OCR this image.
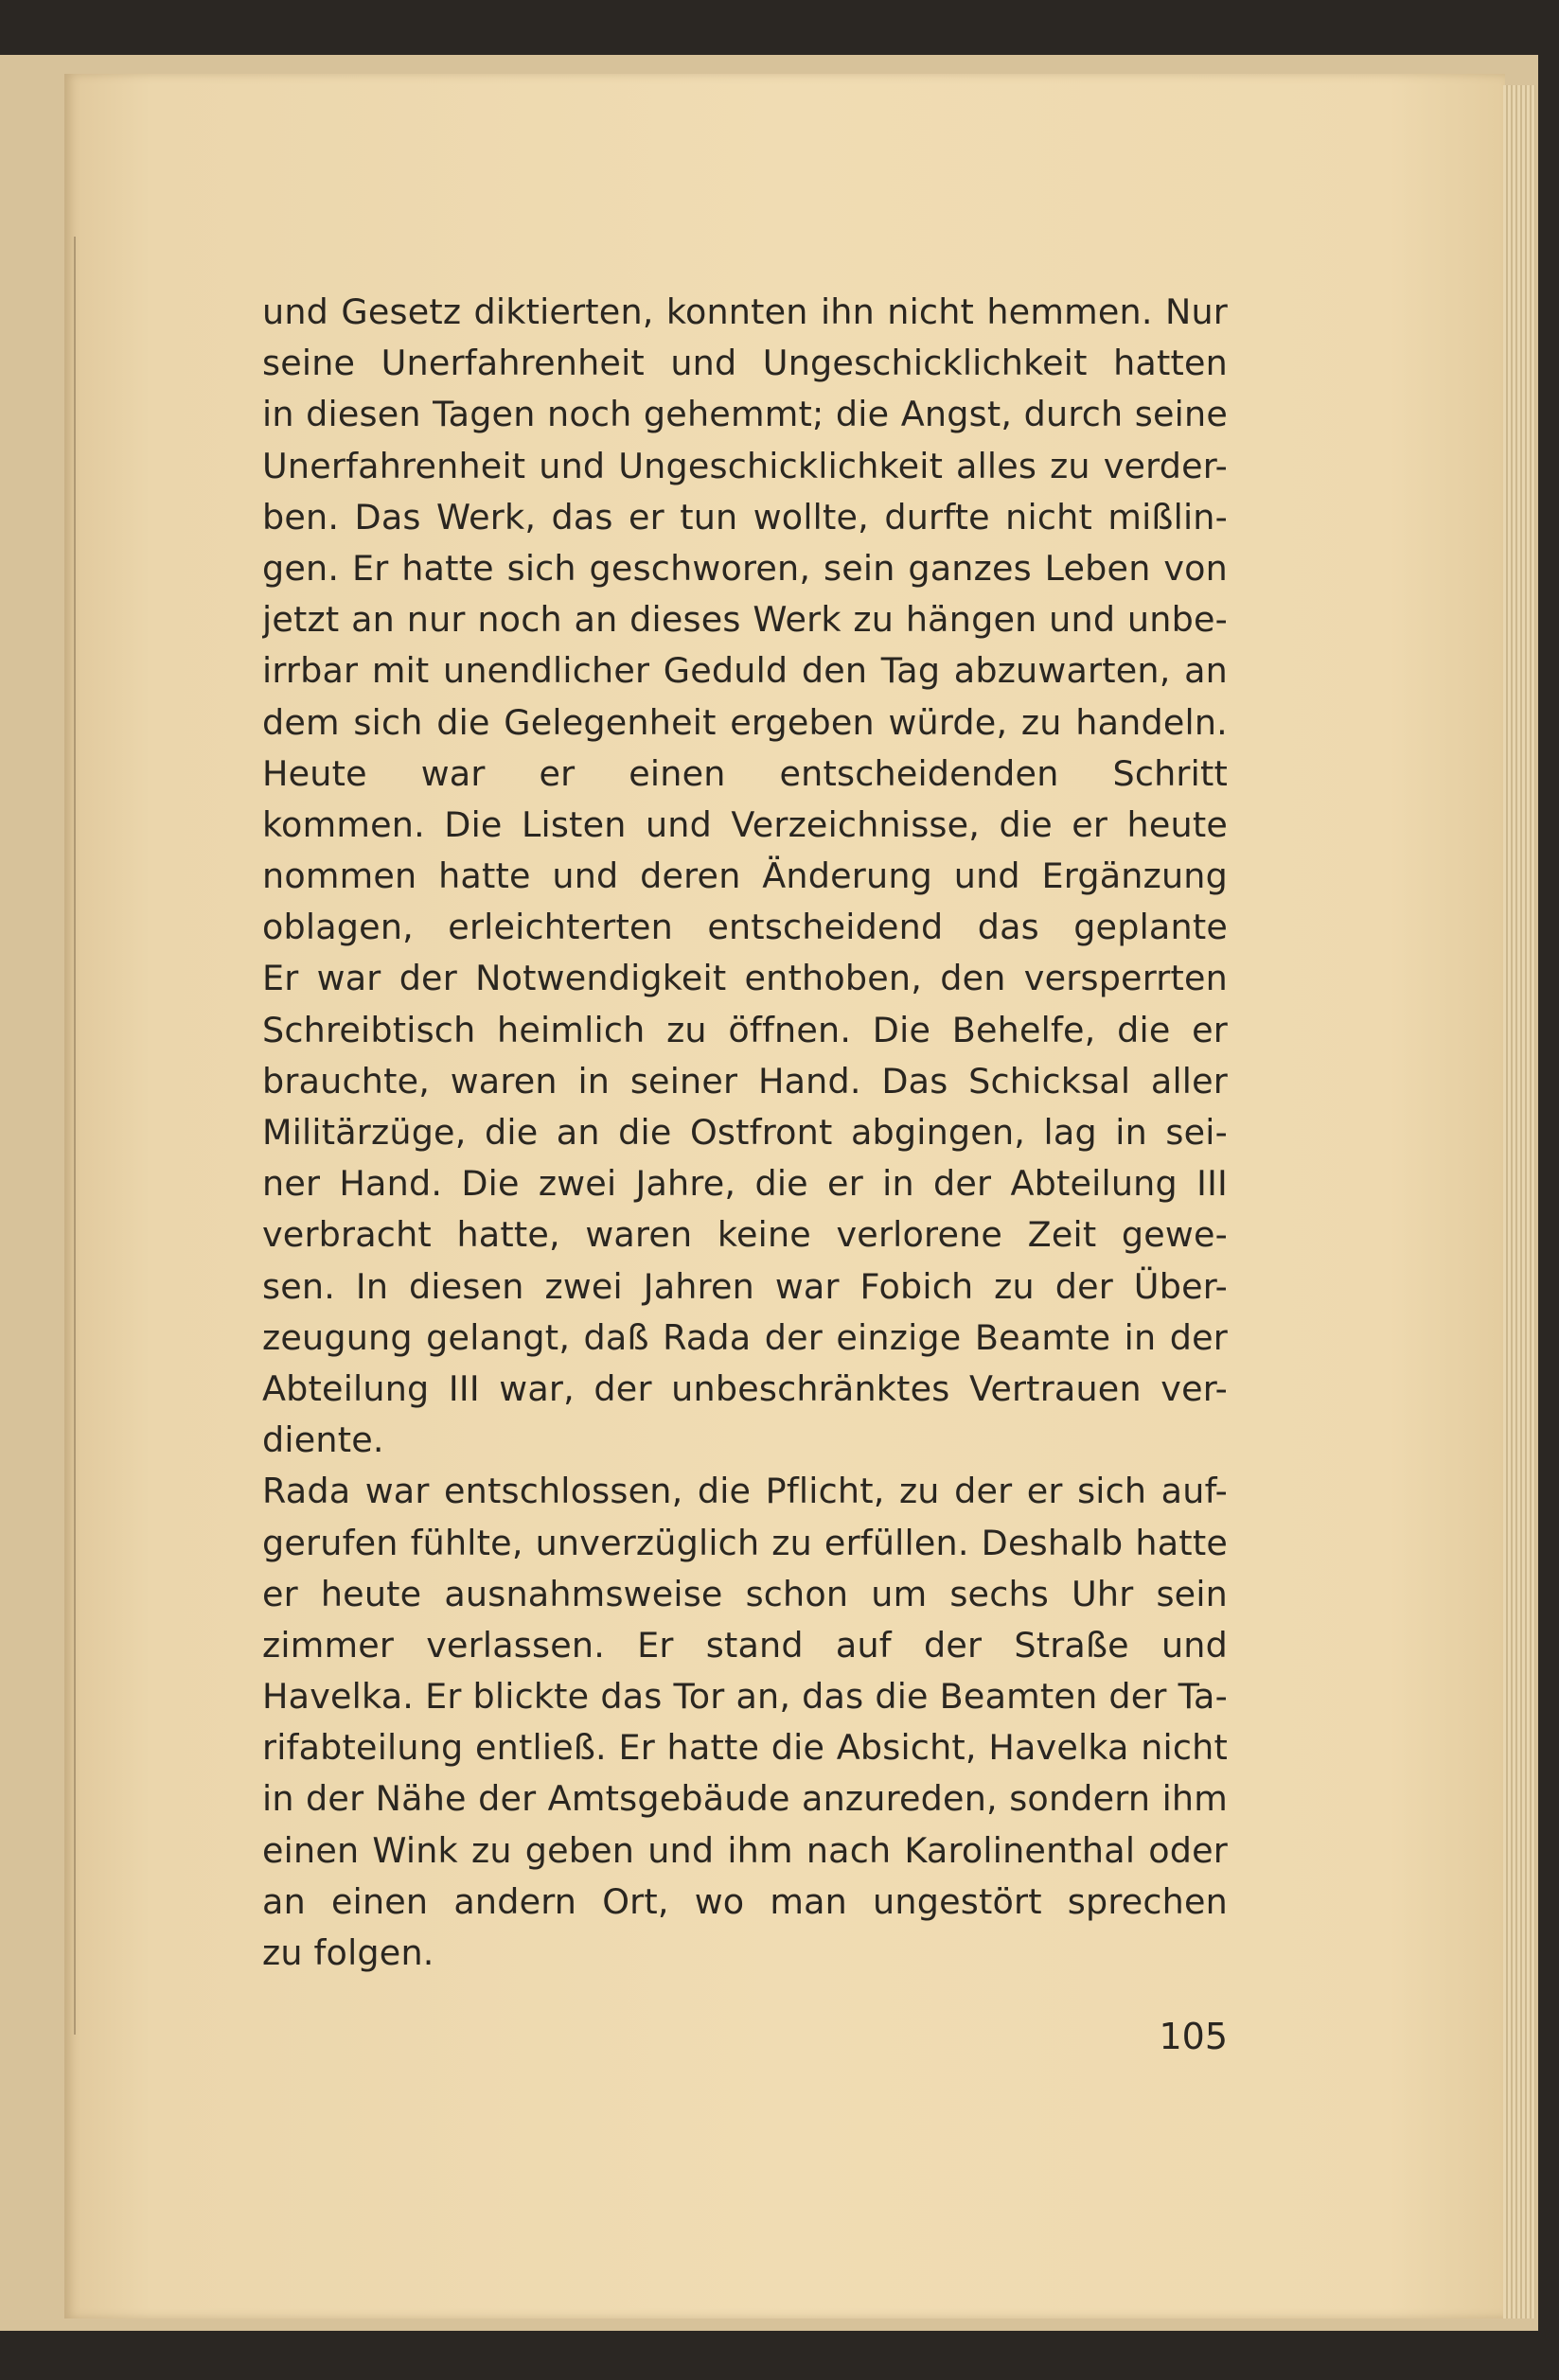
und Gesetz diktierten, konnten ihn nicht hemmen. Nur
seine Unerfahrenheit und Ungeschicklichkeit hatten
in diesen Tagen noch gehemmt; die Angst, durch seine
Unerfahrenheit und Ungeschicklichkeit alles zu verder-
ben. Das Werk, das er tun wollte, durfte nicht mißlin-
gen. Er hatte sich geschworen, sein ganzes Leben von
jetzt an nur noch an dieses Werk zu hängen und unbe-
irrbar mit unendlicher Geduld den Tag abzuwarten, an
dem sich die Gelegenheit ergeben würde, zu handeln.
Heute war er einen entscheidenden Schritt
kommen. Die Listen und Verzeichnisse, die er heute
nommen hatte und deren Änderung und Ergänzung
oblagen, erleichterten entscheidend das geplante
Er war der Notwendigkeit enthoben, den versperrten
Schreibtisch heimlich zu öffnen. Die Behelfe, die er
brauchte, waren in seiner Hand. Das Schicksal aller
Militärzüge, die an die Ostfront abgingen, lag in sei-
ner Hand. Die zwei Jahre, die er in der Abteilung III
verbracht hatte, waren keine verlorene Zeit gewe-
sen. In diesen zwei Jahren war Fobich zu der Über-
zeugung gelangt, daß Rada der einzige Beamte in der
Abteilung III war, der unbeschränktes Vertrauen ver-
diente.
Rada war entschlossen, die Pflicht, zu der er sich auf-
gerufen fühlte, unverzüglich zu erfüllen. Deshalb hatte
er heute ausnahmsweise schon um sechs Uhr sein
zimmer verlassen. Er stand auf der Straße und
Havelka. Er blickte das Tor an, das die Beamten der Ta-
rifabteilung entließ. Er hatte die Absicht, Havelka nicht
in der Nähe der Amtsgebäude anzureden, sondern ihm
einen Wink zu geben und ihm nach Karolinenthal oder
an einen andern Ort, wo man ungestört sprechen
zu folgen.
105
